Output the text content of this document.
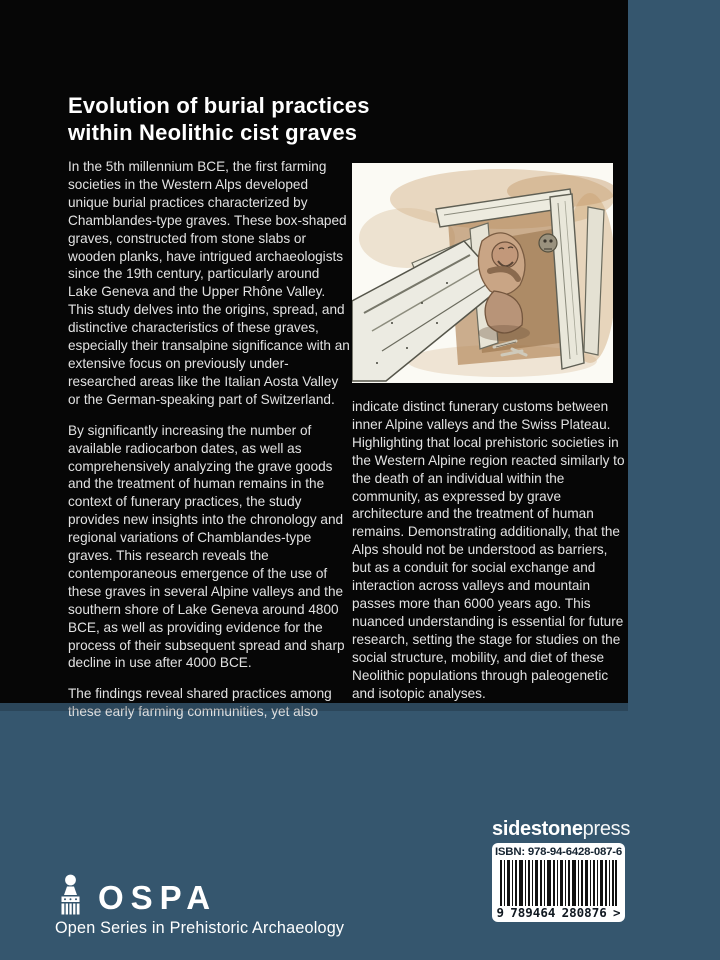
Evolution of burial practices
within Neolithic cist graves

In the 5th millennium BCE, the first farming societies in the Western Alps developed unique burial practices characterized by Chamblandes-type graves. These box-shaped graves, constructed from stone slabs or wooden planks, have intrigued archaeologists since the 19th century, particularly around Lake Geneva and the Upper Rhône Valley. This study delves into the origins, spread, and distinctive characteristics of these graves, especially their transalpine significance with an extensive focus on previously under-researched areas like the Italian Aosta Valley or the German-speaking part of Switzerland.

By significantly increasing the number of available radiocarbon dates, as well as comprehensively analyzing the grave goods and the treatment of human remains in the context of funerary practices, the study provides new insights into the chronology and regional variations of Chamblandes-type graves. This research reveals the contemporaneous emergence of the use of these graves in several Alpine valleys and the southern shore of Lake Geneva around 4800 BCE, as well as providing evidence for the process of their subsequent spread and sharp decline in use after 4000 BCE.

The findings reveal shared practices among these early farming communities, yet also

indicate distinct funerary customs between inner Alpine valleys and the Swiss Plateau. Highlighting that local prehistoric societies in the Western Alpine region reacted similarly to the death of an individual within the community, as expressed by grave architecture and the treatment of human remains. Demonstrating additionally, that the Alps should not be understood as barriers, but as a conduit for social exchange and interaction across valleys and mountain passes more than 6000 years ago. This nuanced understanding is essential for future research, setting the stage for studies on the social structure, mobility, and diet of these Neolithic populations through paleogenetic and isotopic analyses.

sidestonepress
ISBN: 978-94-6428-087-6
9 789464 280876 >
OSPA
Open Series in Prehistoric Archaeology
